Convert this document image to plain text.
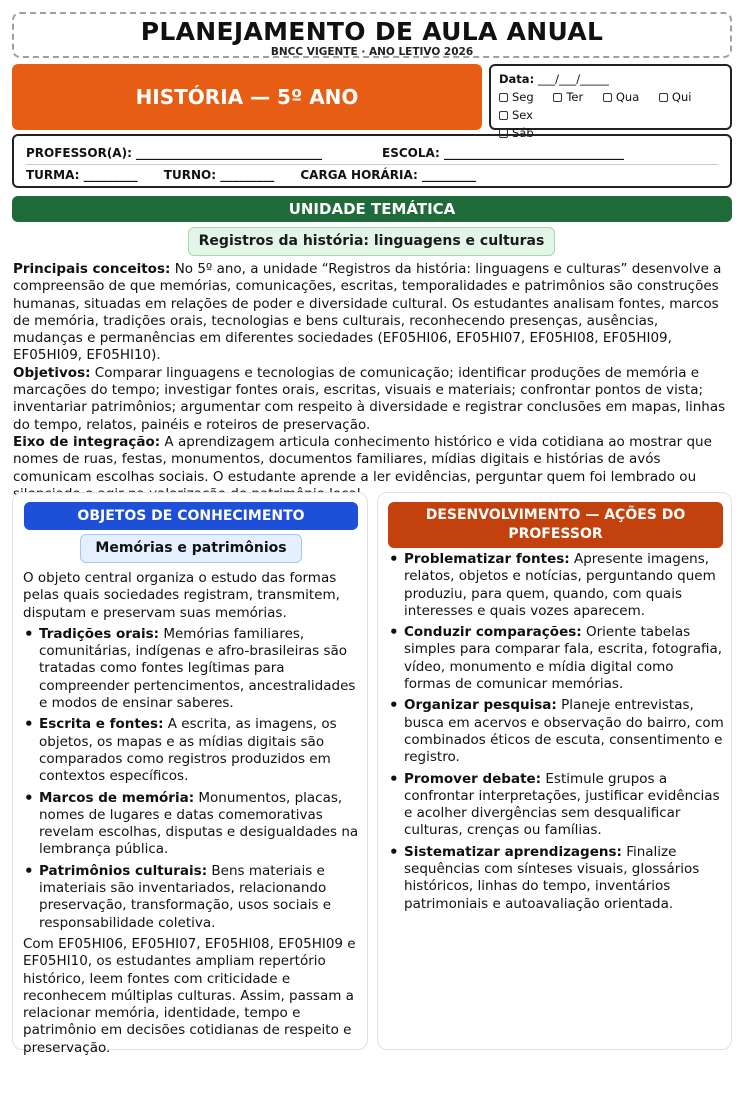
PLANEJAMENTO DE AULA ANUAL
BNCC VIGENTE · ANO LETIVO 2026
HISTÓRIA — 5º ANO
Data: ___/___/_____
Seg	Ter	Qua	Qui Sex
Sáb
PROFESSOR(A): _______________________________	ESCOLA: ______________________________
TURMA: _________ TURNO: _________ CARGA HORÁRIA: _________
UNIDADE TEMÁTICA
Registros da história: linguagens e culturas

Principais conceitos: No 5º ano, a unidade “Registros da história: linguagens e culturas” desenvolve a compreensão de que memórias, comunicações, escritas, temporalidades e patrimônios são construções humanas, situadas em relações de poder e diversidade cultural. Os estudantes analisam fontes, marcos de memória, tradições orais, tecnologias e bens culturais, reconhecendo presenças, ausências, mudanças e permanências em diferentes sociedades (EF05HI06, EF05HI07, EF05HI08, EF05HI09, EF05HI09, EF05HI10).

Objetivos: Comparar linguagens e tecnologias de comunicação; identificar produções de memória e marcações do tempo; investigar fontes orais, escritas, visuais e materiais; confrontar pontos de vista; inventariar patrimônios; argumentar com respeito à diversidade e registrar conclusões em mapas, linhas do tempo, relatos, painéis e roteiros de preservação.

Eixo de integração: A aprendizagem articula conhecimento histórico e vida cotidiana ao mostrar que nomes de ruas, festas, monumentos, documentos familiares, mídias digitais e histórias de avós comunicam escolhas sociais. O estudante aprende a ler evidências, perguntar quem foi lembrado ou

OBJETOS DE CONHECIMENTO
Memórias e patrimônios

O objeto central organiza o estudo das formas pelas quais sociedades registram, transmitem, disputam e preservam suas memórias.

• Tradições orais: Memórias familiares, comunitárias, indígenas e afro-brasileiras são tratadas como fontes legítimas para compreender pertencimentos, ancestralidades e modos de ensinar saberes.
• Escrita e fontes: A escrita, as imagens, os objetos, os mapas e as mídias digitais são comparados como registros produzidos em contextos específicos.
• Marcos de memória: Monumentos, placas, nomes de lugares e datas comemorativas revelam escolhas, disputas e desigualdades na lembrança pública.
• Patrimônios culturais: Bens materiais e imateriais são inventariados, relacionando preservação, transformação, usos sociais e responsabilidade coletiva.

Com EF05HI06, EF05HI07, EF05HI08, EF05HI09 e EF05HI10, os estudantes ampliam repertório histórico, leem fontes com criticidade e reconhecem múltiplas culturas. Assim, passam a relacionar memória, identidade, tempo e patrimônio em decisões cotidianas de respeito e preservação.

DESENVOLVIMENTO — AÇÕES DO
PROFESSOR
• Problematizar fontes: Apresente imagens, relatos, objetos e notícias, perguntando quem produziu, para quem, quando, com quais interesses e quais vozes aparecem.
• Conduzir comparações: Oriente tabelas simples para comparar fala, escrita, fotografia, vídeo, monumento e mídia digital como formas de comunicar memórias.
• Organizar pesquisa: Planeje entrevistas, busca em acervos e observação do bairro, com combinados éticos de escuta, consentimento e registro.
• Promover debate: Estimule grupos a confrontar interpretações, justificar evidências e acolher divergências sem desqualificar culturas, crenças ou famílias.
• Sistematizar aprendizagens: Finalize sequências com sínteses visuais, glossários históricos, linhas do tempo, inventários patrimoniais e autoavaliação orientada.
